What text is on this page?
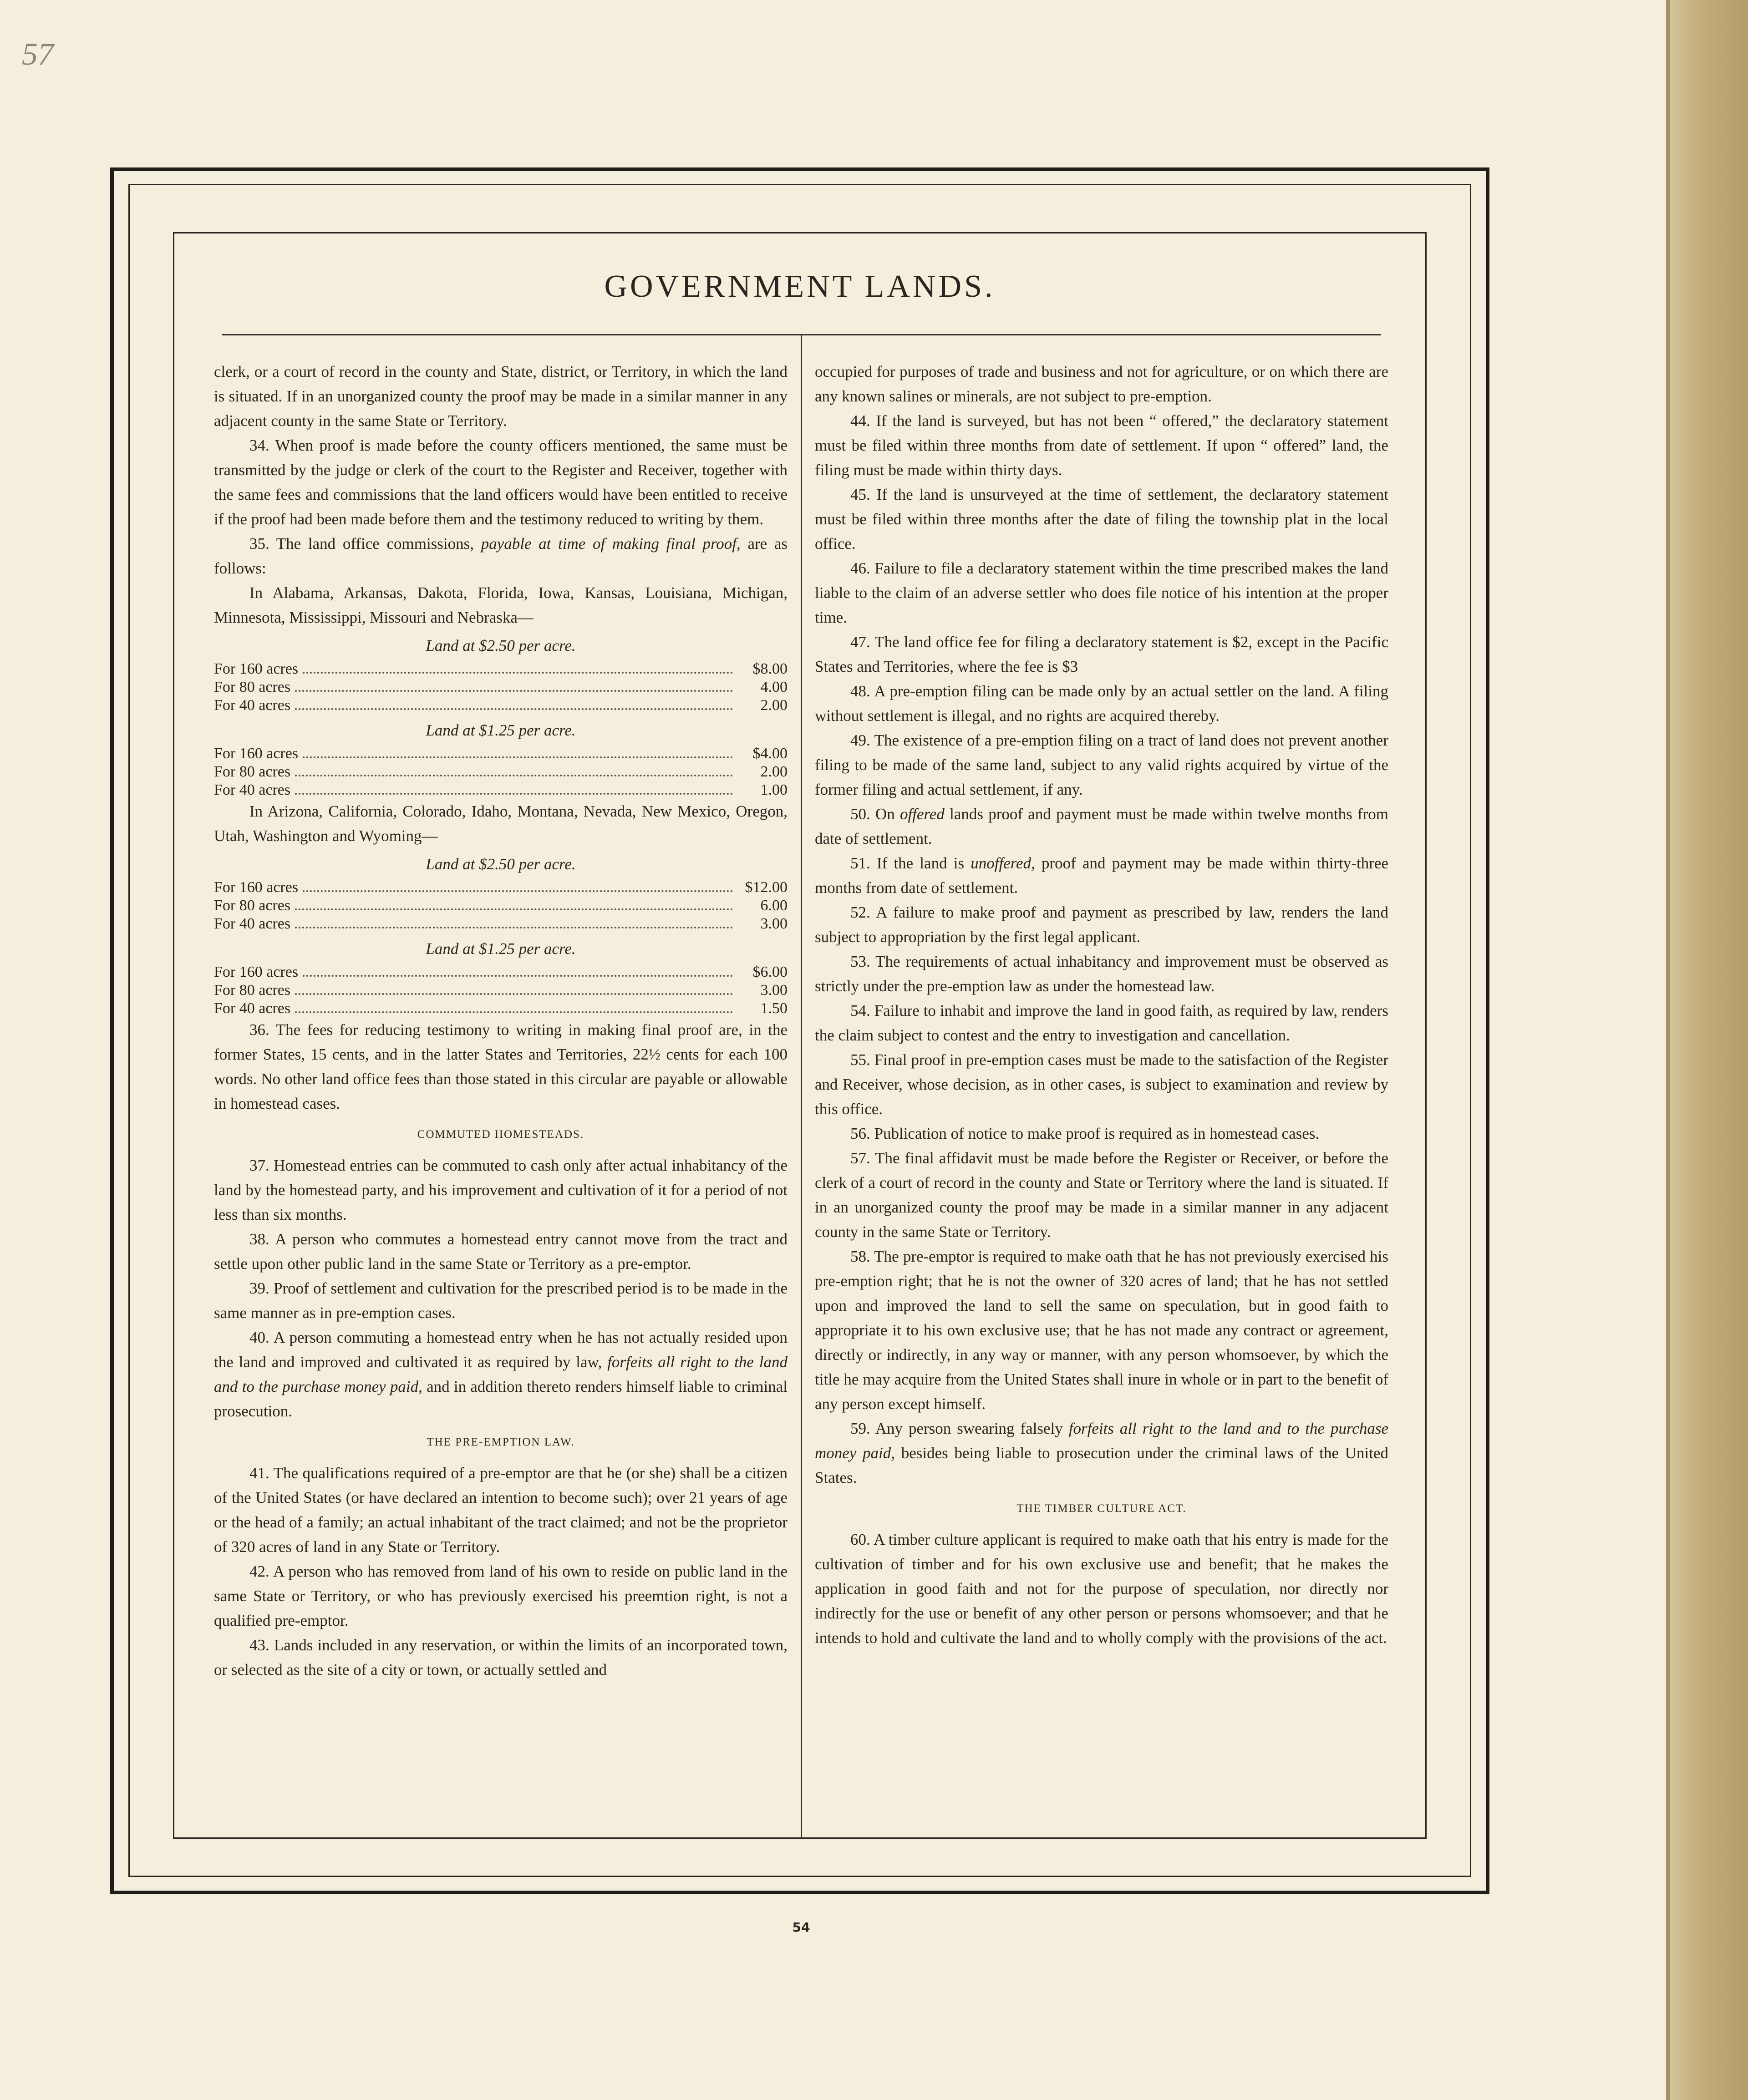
57
GOVERNMENT LANDS.

clerk, or a court of record in the county and State, district, or Territory, in which the land is situated. If in an unorganized county the proof may be made in a similar manner in any adjacent county in the same State or Territory.

34. When proof is made before the county officers mentioned, the same must be transmitted by the judge or clerk of the court to the Register and Receiver, together with the same fees and commissions that the land officers would have been entitled to receive if the proof had been made before them and the testimony reduced to writing by them.

35. The land office commissions, payable at time of making final proof, are as follows:

In Alabama, Arkansas, Dakota, Florida, Iowa, Kansas, Louisiana, Michigan, Minnesota, Mississippi, Missouri and Nebraska—

Land at $2.50 per acre.

For 160 acres	$8.00
For 80 acres	4.00
For 40 acres	2.00

Land at $1.25 per acre.

For 160 acres	$4.00
For 80 acres	2.00
For 40 acres	1.00

In Arizona, California, Colorado, Idaho, Montana, Nevada, New Mexico, Oregon, Utah, Washington and Wyoming—

Land at $2.50 per acre.

For 160 acres	$12.00
For 80 acres	6.00
For 40 acres	3.00

Land at $1.25 per acre.

For 160 acres	$6.00
For 80 acres	3.00
For 40 acres	1.50

36. The fees for reducing testimony to writing in making final proof are, in the former States, 15 cents, and in the latter States and Territories, 22½ cents for each 100 words. No other land office fees than those stated in this circular are payable or allowable in homestead cases.

COMMUTED HOMESTEADS.

37. Homestead entries can be commuted to cash only after actual inhabitancy of the land by the homestead party, and his improvement and cultivation of it for a period of not less than six months.

38. A person who commutes a homestead entry cannot move from the tract and settle upon other public land in the same State or Territory as a pre-emptor.

39. Proof of settlement and cultivation for the prescribed period is to be made in the same manner as in pre-emption cases.

40. A person commuting a homestead entry when he has not actually resided upon the land and improved and cultivated it as required by law, forfeits all right to the land and to the purchase money paid, and in addition thereto renders himself liable to criminal prosecution.

THE PRE-EMPTION LAW.

41. The qualifications required of a pre-emptor are that he (or she) shall be a citizen of the United States (or have declared an intention to become such); over 21 years of age or the head of a family; an actual inhabitant of the tract claimed; and not be the proprietor of 320 acres of land in any State or Territory.

42. A person who has removed from land of his own to reside on public land in the same State or Territory, or who has previously exercised his preemtion right, is not a qualified pre-emptor.

43. Lands included in any reservation, or within the limits of an incorporated town, or selected as the site of a city or town, or actually settled and

occupied for purposes of trade and business and not for agriculture, or on which there are any known salines or minerals, are not subject to pre-emption.

44. If the land is surveyed, but has not been “ offered,” the declaratory statement must be filed within three months from date of settlement. If upon “ offered” land, the filing must be made within thirty days.

45. If the land is unsurveyed at the time of settlement, the declaratory statement must be filed within three months after the date of filing the township plat in the local office.

46. Failure to file a declaratory statement within the time prescribed makes the land liable to the claim of an adverse settler who does file notice of his intention at the proper time.

47. The land office fee for filing a declaratory statement is $2, except in the Pacific States and Territories, where the fee is $3

48. A pre-emption filing can be made only by an actual settler on the land. A filing without settlement is illegal, and no rights are acquired thereby.

49. The existence of a pre-emption filing on a tract of land does not prevent another filing to be made of the same land, subject to any valid rights acquired by virtue of the former filing and actual settlement, if any.

50. On offered lands proof and payment must be made within twelve months from date of settlement.

51. If the land is unoffered, proof and payment may be made within thirty-three months from date of settlement.

52. A failure to make proof and payment as prescribed by law, renders the land subject to appropriation by the first legal applicant.

53. The requirements of actual inhabitancy and improvement must be observed as strictly under the pre-emption law as under the homestead law.

54. Failure to inhabit and improve the land in good faith, as required by law, renders the claim subject to contest and the entry to investigation and cancellation.

55. Final proof in pre-emption cases must be made to the satisfaction of the Register and Receiver, whose decision, as in other cases, is subject to examination and review by this office.

56. Publication of notice to make proof is required as in homestead cases.

57. The final affidavit must be made before the Register or Receiver, or before the clerk of a court of record in the county and State or Territory where the land is situated. If in an unorganized county the proof may be made in a similar manner in any adjacent county in the same State or Territory.

58. The pre-emptor is required to make oath that he has not previously exercised his pre-emption right; that he is not the owner of 320 acres of land; that he has not settled upon and improved the land to sell the same on speculation, but in good faith to appropriate it to his own exclusive use; that he has not made any contract or agreement, directly or indirectly, in any way or manner, with any person whomsoever, by which the title he may acquire from the United States shall inure in whole or in part to the benefit of any person except himself.

59. Any person swearing falsely forfeits all right to the land and to the purchase money paid, besides being liable to prosecution under the criminal laws of the United States.

THE TIMBER CULTURE ACT.

60. A timber culture applicant is required to make oath that his entry is made for the cultivation of timber and for his own exclusive use and benefit; that he makes the application in good faith and not for the purpose of speculation, nor directly nor indirectly for the use or benefit of any other person or persons whomsoever; and that he intends to hold and cultivate the land and to wholly comply with the provisions of the act.

54
